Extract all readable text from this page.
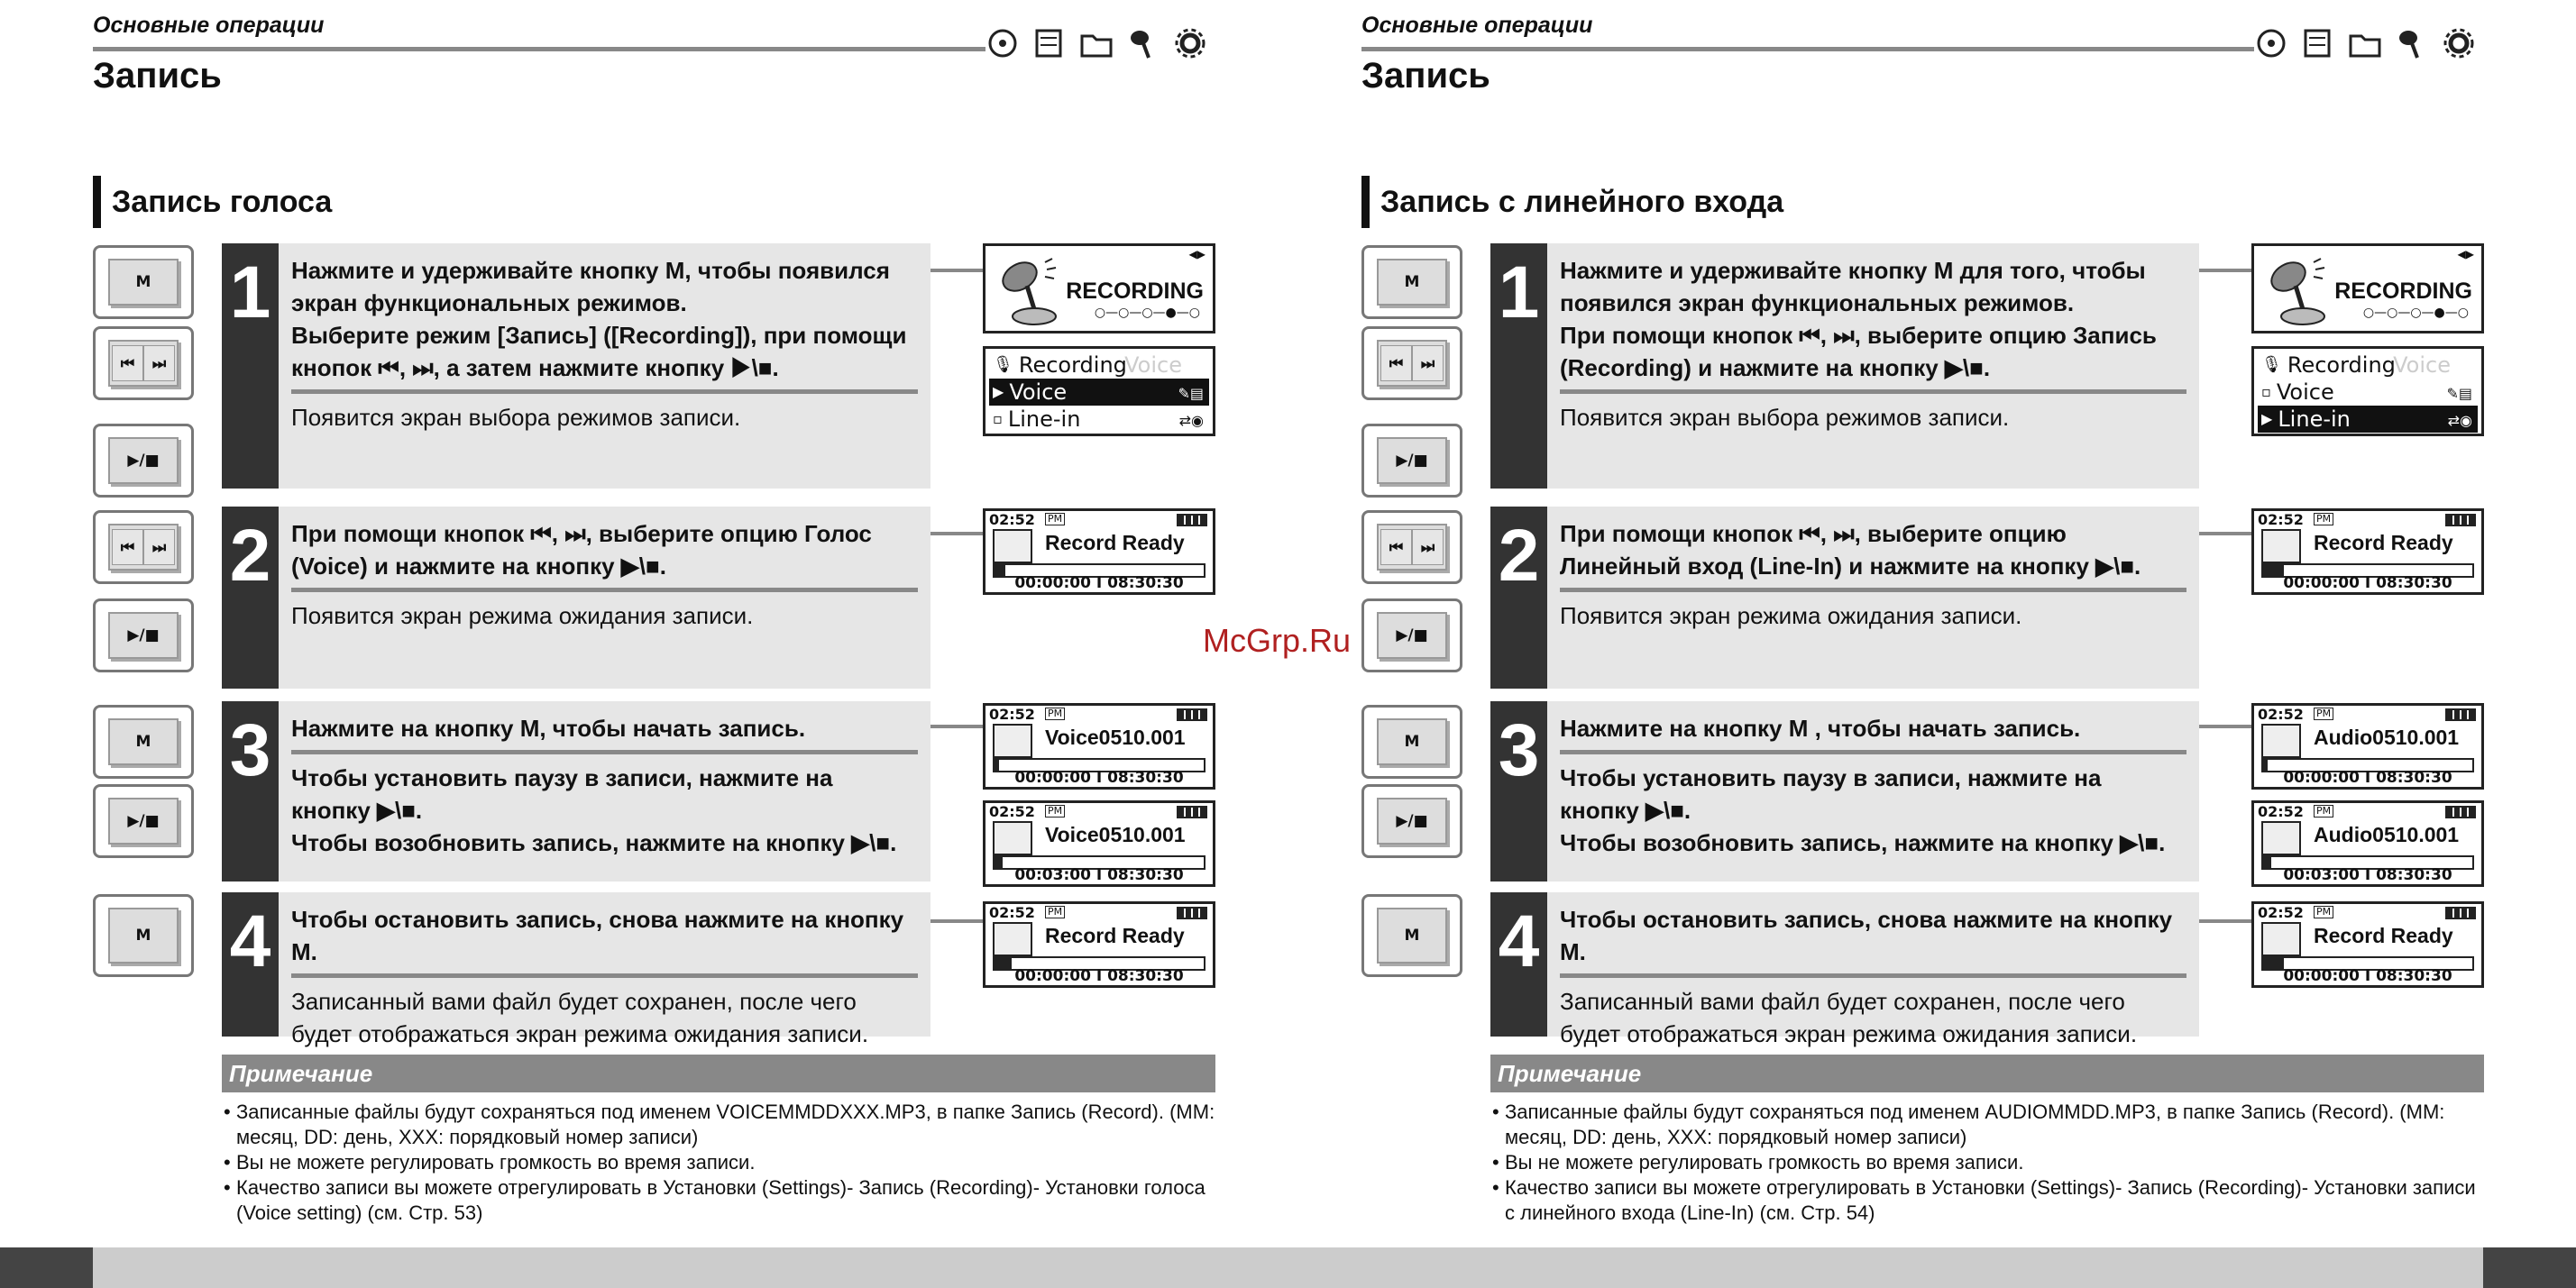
Основные операции
Запись
Запись голоса
M
⏮	⏭
▶/■
⏮	⏭
▶/■
M
▶/■
M
1 Нажмите и удерживайте кнопку M, чтобы появился экран функциональных режимов.

Выберите режим [Запись] ([Recording]), при помощи кнопок ⏮, ⏭, а затем нажмите кнопку ▶\■.

Появится экран выбора режимов записи.

2 При помощи кнопок ⏮, ⏭, выберите опцию Голос (Voice) и нажмите на кнопку ▶\■.

Появится экран режима ожидания записи.

3 Нажмите на кнопку M, чтобы начать запись.

Чтобы установить паузу в записи, нажмите на кнопку ▶\■.

Чтобы возобновить запись, нажмите на кнопку ▶\■.

4 Чтобы остановить запись, снова нажмите на кнопку M.

Записанный вами файл будет сохранен, после чего будет отображаться экран режима ожидания записи.

◀▶
RECORDING
○—○—○—●—○
🎙 Recording
Voice
▶ Voice	✎▤
▫ Line-in	⇄◉
02:52 PM
Record Ready
00:00:00 I 08:30:30
02:52 PM
Voice0510.001
00:00:00 I 08:30:30
02:52 PM
Voice0510.001
00:03:00 I 08:30:30
02:52 PM
Record Ready
00:00:00 I 08:30:30
Примечание
• Записанные файлы будут сохраняться под именем VOICEMMDDXXX.MP3, в папке Запись (Record). (MM: месяц, DD: день, XXX: порядковый номер записи)
• Вы не можете регулировать громкость во время записи.
• Качество записи вы можете отрегулировать в Установки (Settings)- Запись (Recording)- Установки голоса (Voice setting) (см. Стр. 53)
Основные операции
Запись
Запись с линейного входа
M
⏮	⏭
▶/■
⏮	⏭
▶/■
M
▶/■
M
1 Нажмите и удерживайте кнопку M для того, чтобы появился экран функциональных режимов.

При помощи кнопок ⏮, ⏭, выберите опцию Запись (Recording) и нажмите на кнопку ▶\■.

Появится экран выбора режимов записи.

2 При помощи кнопок ⏮, ⏭, выберите опцию Линейный вход (Line-In) и нажмите на кнопку ▶\■.

Появится экран режима ожидания записи.

3 Нажмите на кнопку M , чтобы начать запись.

Чтобы установить паузу в записи, нажмите на кнопку ▶\■.

Чтобы возобновить запись, нажмите на кнопку ▶\■.

4 Чтобы остановить запись, снова нажмите на кнопку M.

Записанный вами файл будет сохранен, после чего будет отображаться экран режима ожидания записи.

◀▶
RECORDING
○—○—○—●—○
🎙 Recording
Voice
▫ Voice	✎▤
▶ Line-in	⇄◉
02:52 PM
Record Ready
00:00:00 I 08:30:30
02:52 PM
Audio0510.001
00:00:00 I 08:30:30
02:52 PM
Audio0510.001
00:03:00 I 08:30:30
02:52 PM
Record Ready
00:00:00 I 08:30:30
Примечание
• Записанные файлы будут сохраняться под именем AUDIOMMDD.MP3, в папке Запись (Record). (MM: месяц, DD: день, XXX: порядковый номер записи)
• Вы не можете регулировать громкость во время записи.
• Качество записи вы можете отрегулировать в Установки (Settings)- Запись (Recording)- Установки записи с линейного входа (Line-In) (см. Стр. 54)
McGrp.Ru
